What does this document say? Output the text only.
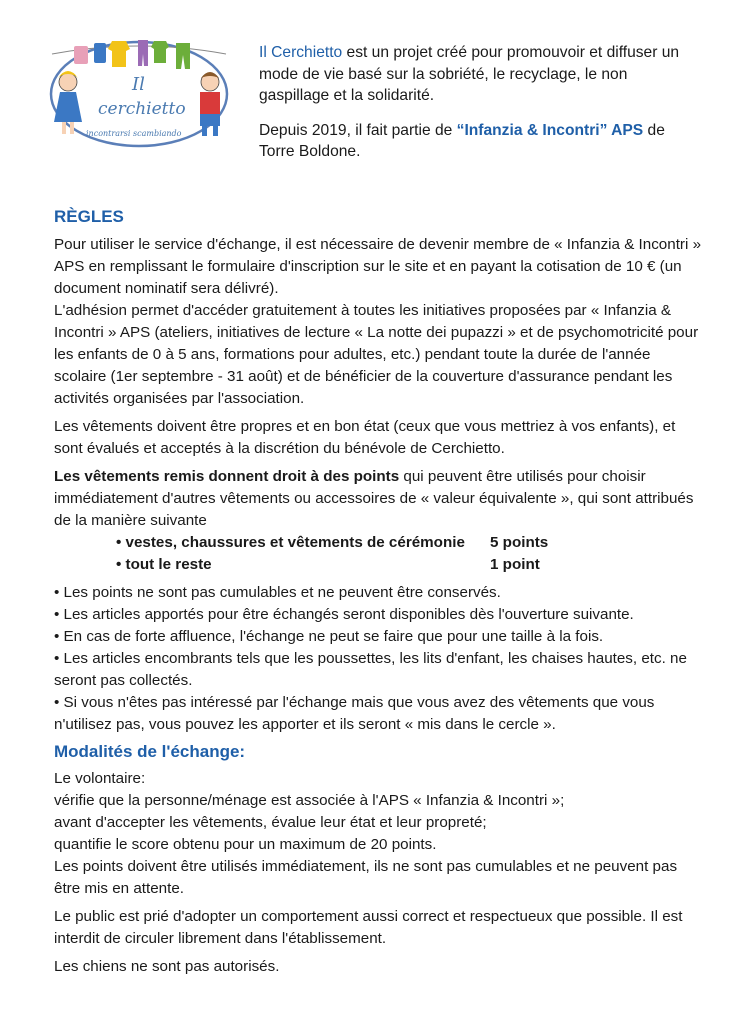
Il
cerchietto
incontrarsi scambiando

Il Cerchietto est un projet créé pour promouvoir et diffuser un mode de vie basé sur la sobriété, le recyclage, le non gaspillage et la solidarité.

Depuis 2019, il fait partie de “Infanzia & Incontri” APS de Torre Boldone.

RÈGLES

Pour utiliser le service d'échange, il est nécessaire de devenir membre de « Infanzia & Incontri » APS en remplissant le formulaire d'inscription sur le site et en payant la cotisation de 10 € (un document nominatif sera délivré).

L'adhésion permet d'accéder gratuitement à toutes les initiatives proposées par « Infanzia & Incontri » APS (ateliers, initiatives de lecture « La notte dei pupazzi » et de psychomotricité pour les enfants de 0 à 5 ans, formations pour adultes, etc.) pendant toute la durée de l'année scolaire (1er septembre - 31 août) et de bénéficier de la couverture d'assurance pendant les activités organisées par l'association.

Les vêtements doivent être propres et en bon état (ceux que vous mettriez à vos enfants), et sont évalués et acceptés à la discrétion du bénévole de Cerchietto.

Les vêtements remis donnent droit à des points qui peuvent être utilisés pour choisir immédiatement d'autres vêtements ou accessoires de « valeur équivalente », qui sont attribués de la manière suivante

• vestes, chaussures et vêtements de cérémonie	5 points
• tout le reste	1 point

• Les points ne sont pas cumulables et ne peuvent être conservés.

• Les articles apportés pour être échangés seront disponibles dès l'ouverture suivante.

• En cas de forte affluence, l'échange ne peut se faire que pour une taille à la fois.

• Les articles encombrants tels que les poussettes, les lits d'enfant, les chaises hautes, etc. ne seront pas collectés.

• Si vous n'êtes pas intéressé par l'échange mais que vous avez des vêtements que vous n'utilisez pas, vous pouvez les apporter et ils seront « mis dans le cercle ».

Modalités de l'échange:

Le volontaire:

vérifie que la personne/ménage est associée à l'APS « Infanzia & Incontri »;

avant d'accepter les vêtements, évalue leur état et leur propreté;

quantifie le score obtenu pour un maximum de 20 points.

Les points doivent être utilisés immédiatement, ils ne sont pas cumulables et ne peuvent pas être mis en attente.

Le public est prié d'adopter un comportement aussi correct et respectueux que possible. Il est interdit de circuler librement dans l'établissement.

Les chiens ne sont pas autorisés.
